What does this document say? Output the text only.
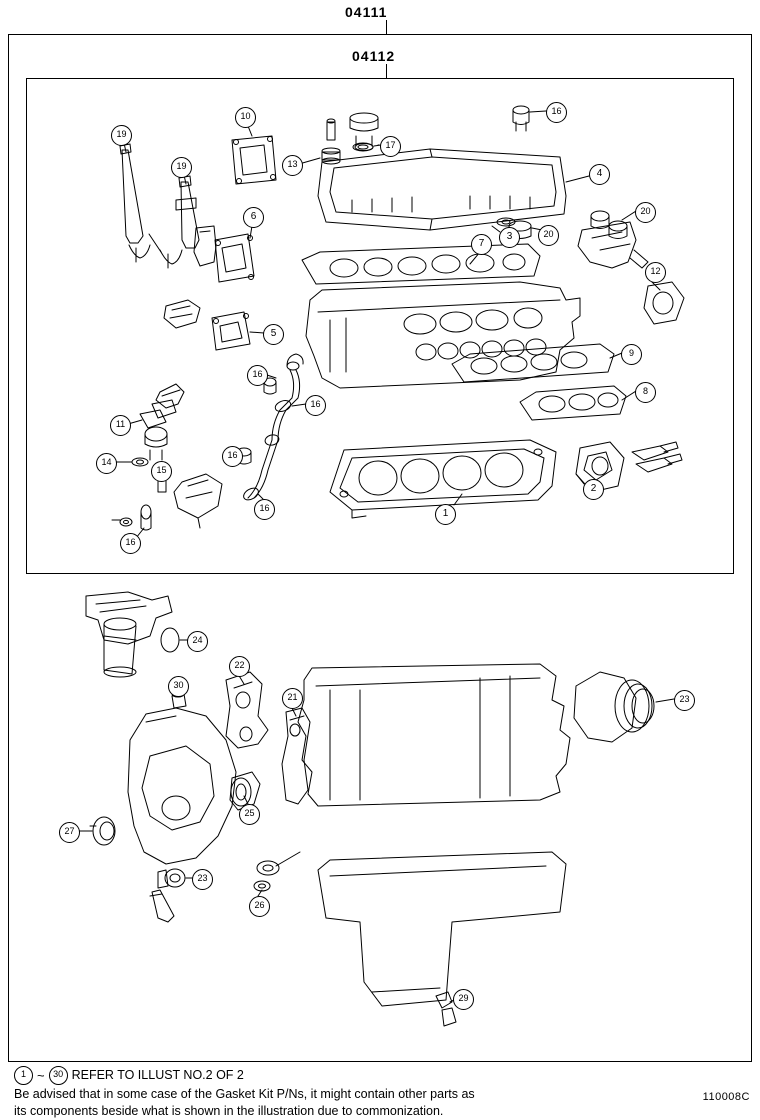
04111
04112
1
2
3
4
5
6
7
8
9
10
11
12
13
14
15
16
16
16
16
16
16
17
19
19
20
20
21
22
23
23
24
25
26
27
29
30
1 ~ 30 REFER TO ILLUST NO.2 OF 2
Be advised that in some case of the Gasket Kit P/Ns, it might contain other parts as
its components beside what is shown in the illustration due to commonization.
110008C
